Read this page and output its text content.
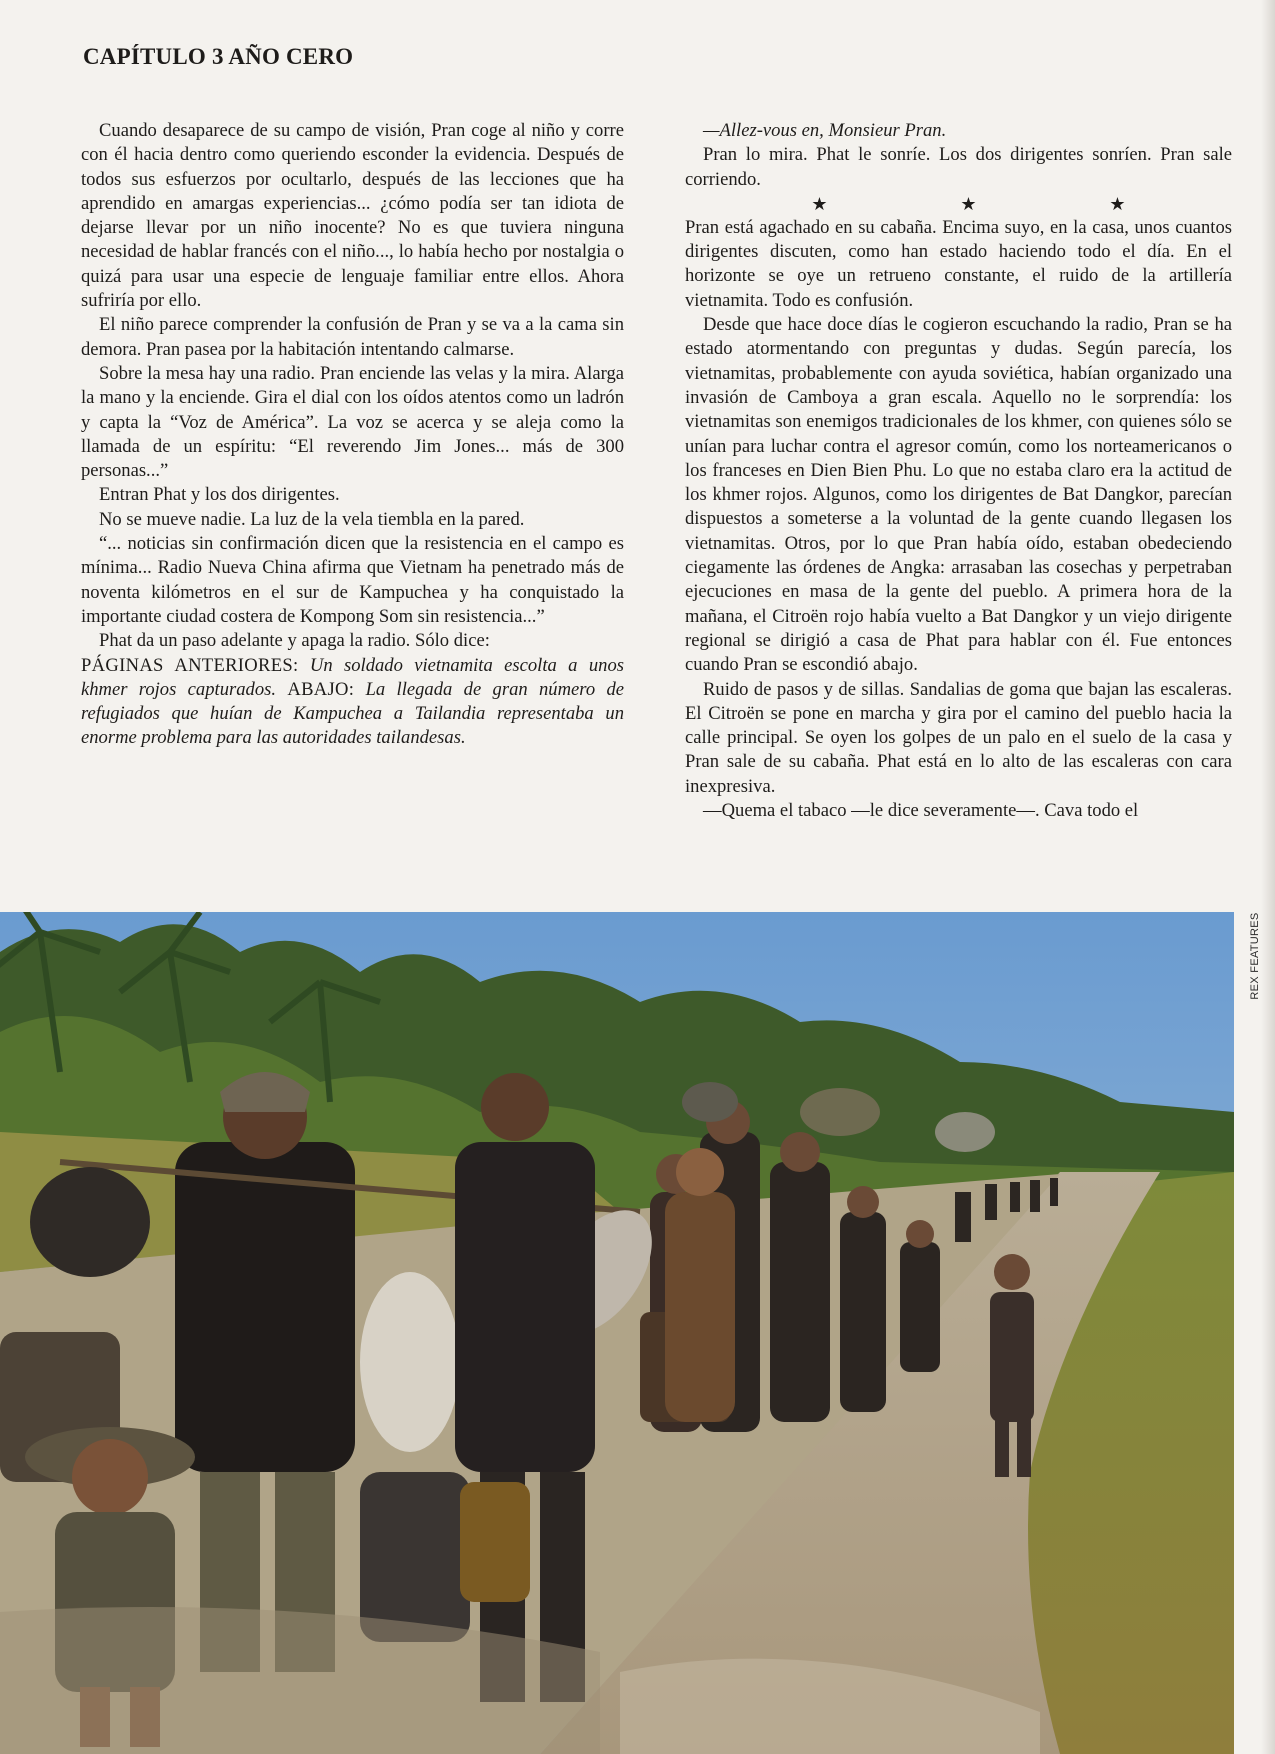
CAPÍTULO 3 AÑO CERO

Cuando desaparece de su campo de visión, Pran coge al niño y corre con él hacia dentro como queriendo esconder la evidencia. Después de todos sus esfuerzos por ocultarlo, después de las lecciones que ha aprendido en amargas experiencias... ¿cómo podía ser tan idiota de dejarse llevar por un niño inocente? No es que tuviera ninguna necesidad de hablar francés con el niño..., lo había hecho por nostalgia o quizá para usar una especie de lenguaje familiar entre ellos. Ahora sufriría por ello.

El niño parece comprender la confusión de Pran y se va a la cama sin demora. Pran pasea por la habitación intentando calmarse.

Sobre la mesa hay una radio. Pran enciende las velas y la mira. Alarga la mano y la enciende. Gira el dial con los oídos atentos como un ladrón y capta la “Voz de América”. La voz se acerca y se aleja como la llamada de un espíritu: “El reverendo Jim Jones... más de 300 personas...”

Entran Phat y los dos dirigentes.

No se mueve nadie. La luz de la vela tiembla en la pared.

“... noticias sin confirmación dicen que la resistencia en el campo es mínima... Radio Nueva China afirma que Vietnam ha penetrado más de noventa kilómetros en el sur de Kampuchea y ha conquistado la importante ciudad costera de Kompong Som sin resistencia...”

Phat da un paso adelante y apaga la radio. Sólo dice:

PÁGINAS ANTERIORES: Un soldado vietnamita escolta a unos khmer rojos capturados. ABAJO: La llegada de gran número de refugiados que huían de Kampuchea a Tailandia representaba un enorme problema para las autoridades tailandesas.

—Allez-vous en, Monsieur Pran.

Pran lo mira. Phat le sonríe. Los dos dirigentes sonríen. Pran sale corriendo.

★	★	★

Pran está agachado en su cabaña. Encima suyo, en la casa, unos cuantos dirigentes discuten, como han estado haciendo todo el día. En el horizonte se oye un retrueno constante, el ruido de la artillería vietnamita. Todo es confusión.

Desde que hace doce días le cogieron escuchando la radio, Pran se ha estado atormentando con preguntas y dudas. Según parecía, los vietnamitas, probablemente con ayuda soviética, habían organizado una invasión de Camboya a gran escala. Aquello no le sorprendía: los vietnamitas son enemigos tradicionales de los khmer, con quienes sólo se unían para luchar contra el agresor común, como los norteamericanos o los franceses en Dien Bien Phu. Lo que no estaba claro era la actitud de los khmer rojos. Algunos, como los dirigentes de Bat Dangkor, parecían dispuestos a someterse a la voluntad de la gente cuando llegasen los vietnamitas. Otros, por lo que Pran había oído, estaban obedeciendo ciegamente las órdenes de Angka: arrasaban las cosechas y perpetraban ejecuciones en masa de la gente del pueblo. A primera hora de la mañana, el Citroën rojo había vuelto a Bat Dangkor y un viejo dirigente regional se dirigió a casa de Phat para hablar con él. Fue entonces cuando Pran se escondió abajo.

Ruido de pasos y de sillas. Sandalias de goma que bajan las escaleras. El Citroën se pone en marcha y gira por el camino del pueblo hacia la calle principal. Se oyen los golpes de un palo en el suelo de la casa y Pran sale de su cabaña. Phat está en lo alto de las escaleras con cara inexpresiva.

—Quema el tabaco —le dice severamente—. Cava todo el

REX FEATURES
